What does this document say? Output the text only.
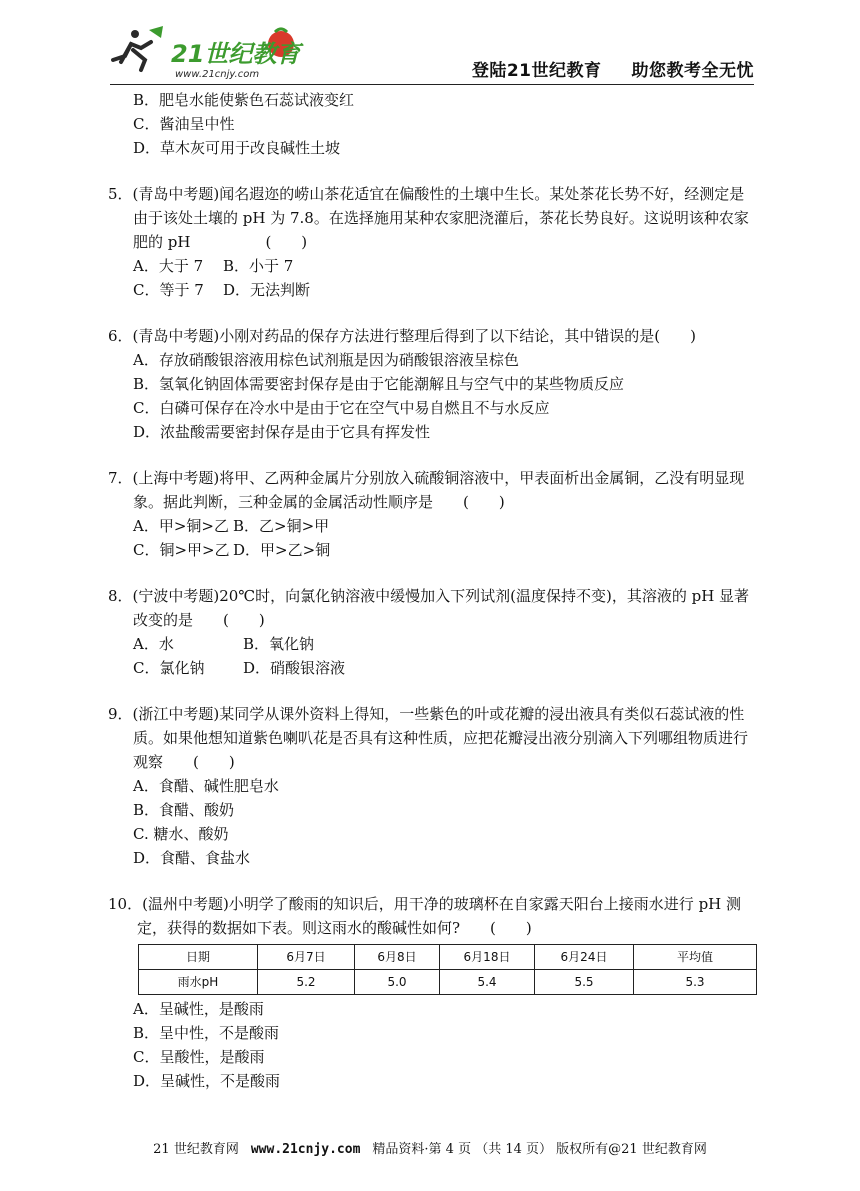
21世纪教育
www.21cnjy.com	登陆21世纪教育 助您教考全无忧
B．肥皂水能使紫色石蕊试液变红
C．酱油呈中性
D．草木灰可用于改良碱性土坡
5．(青岛中考题)闻名遐迩的崂山茶花适宜在偏酸性的土壤中生长。某处茶花长势不好，经测定是由于该处土壤的 pH 为 7.8。在选择施用某种农家肥浇灌后，茶花长势良好。这说明该种农家肥的 pH　　　　　(　　)
A．大于 7 B．小于 7
C．等于 7 D．无法判断
6．(青岛中考题)小刚对药品的保存方法进行整理后得到了以下结论，其中错误的是(　　)
A．存放硝酸银溶液用棕色试剂瓶是因为硝酸银溶液呈棕色
B．氢氧化钠固体需要密封保存是由于它能潮解且与空气中的某些物质反应
C．白磷可保存在冷水中是由于它在空气中易自燃且不与水反应
D．浓盐酸需要密封保存是由于它具有挥发性
7．(上海中考题)将甲、乙两种金属片分别放入硫酸铜溶液中，甲表面析出金属铜，乙没有明显现象。据此判断，三种金属的金属活动性顺序是　　(　　)
A．甲>铜>乙 B．乙>铜>甲
C．铜>甲>乙 D．甲>乙>铜
8．(宁波中考题)20℃时，向氯化钠溶液中缓慢加入下列试剂(温度保持不变)，其溶液的 pH 显著改变的是　　(　　)
A．水	B．氧化钠
C．氯化钠	D．硝酸银溶液
9．(浙江中考题)某同学从课外资料上得知，一些紫色的叶或花瓣的浸出液具有类似石蕊试液的性质。如果他想知道紫色喇叭花是否具有这种性质，应把花瓣浸出液分别滴入下列哪组物质进行观察　　(　　)
A．食醋、碱性肥皂水
B．食醋、酸奶
C. 糖水、酸奶
D．食醋、食盐水
10．(温州中考题)小明学了酸雨的知识后，用干净的玻璃杯在自家露天阳台上接雨水进行 pH 测定，获得的数据如下表。则这雨水的酸碱性如何?　　(　　)
日期	6月7日	6月8日	6月18日	6月24日	平均值
雨水pH	5.2	5.0	5.4	5.5	5.3
A．呈碱性，是酸雨
B．呈中性，不是酸雨
C．呈酸性，是酸雨
D．呈碱性，不是酸雨
21 世纪教育网 www.21cnjy.com 精品资料·第 4 页 （共 14 页） 版权所有@21 世纪教育网
